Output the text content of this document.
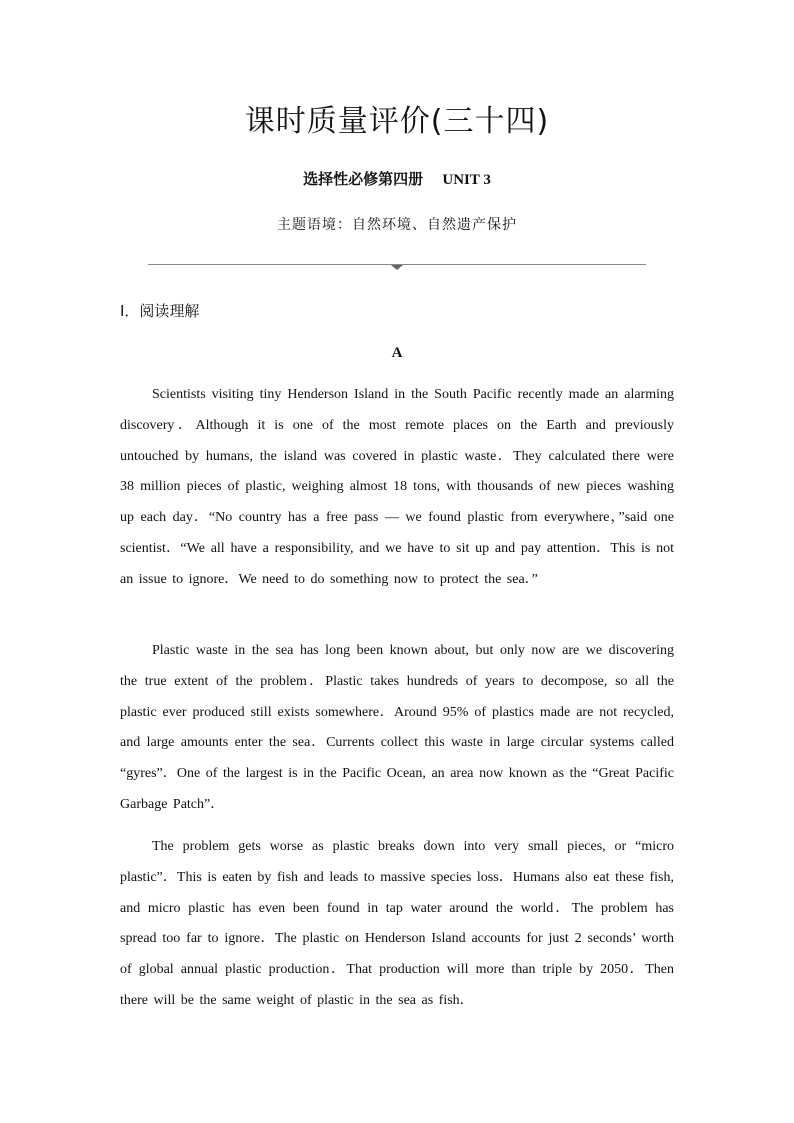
课时质量评价(三十四)
选择性必修第四册 UNIT 3
主题语境：自然环境、自然遗产保护
Ⅰ．阅读理解
A

Scientists visiting tiny Henderson Island in the South Pacific recently made an alarming discovery．Although it is one of the most remote places on the Earth and previously untouched by humans, the island was covered in plastic waste．They calculated there were 38 million pieces of plastic, weighing almost 18 tons, with thousands of new pieces washing up each day．“No country has a free pass — we found plastic from everywhere，”said one scientist．“We all have a responsibility, and we have to sit up and pay attention．This is not an issue to ignore．We need to do something now to protect the sea．”

Plastic waste in the sea has long been known about, but only now are we discovering the true extent of the problem．Plastic takes hundreds of years to decompose, so all the plastic ever produced still exists somewhere．Around 95% of plastics made are not recycled, and large amounts enter the sea．Currents collect this waste in large circular systems called “gyres”．One of the largest is in the Pacific Ocean, an area now known as the “Great Pacific Garbage Patch”．

The problem gets worse as plastic breaks down into very small pieces, or “micro plastic”．This is eaten by fish and leads to massive species loss．Humans also eat these fish, and micro plastic has even been found in tap water around the world．The problem has spread too far to ignore．The plastic on Henderson Island accounts for just 2 seconds’ worth of global annual plastic production．That production will more than triple by 2050．Then there will be the same weight of plastic in the sea as fish．
